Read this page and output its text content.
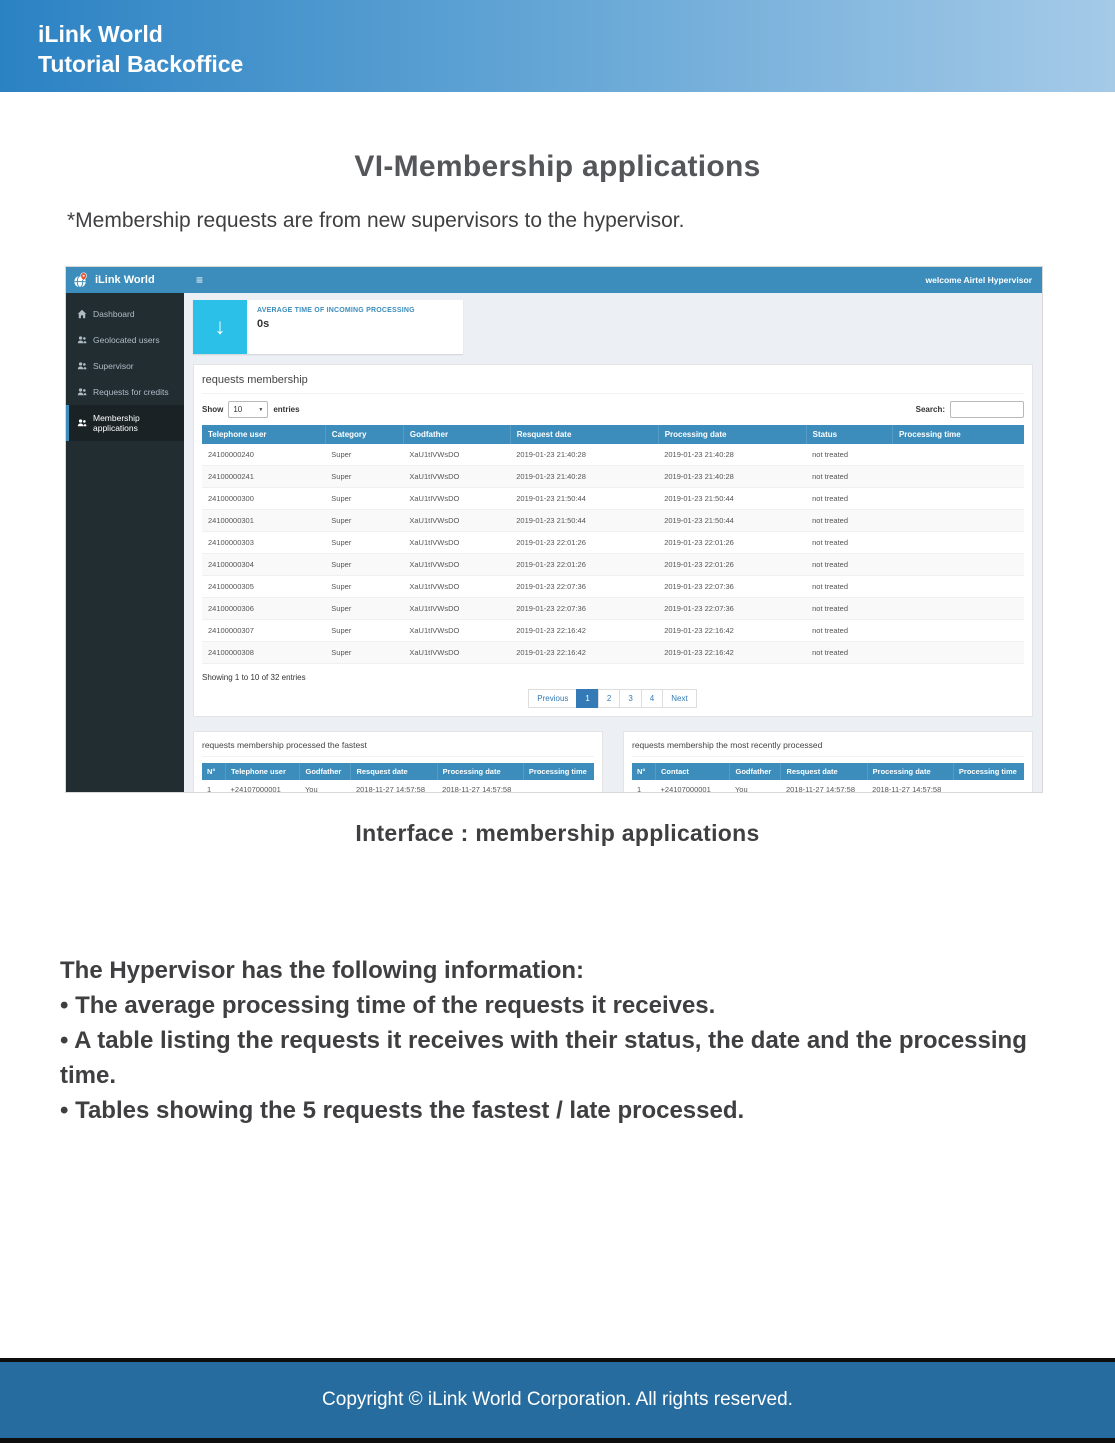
iLink World
Tutorial Backoffice
VI-Membership applications

*Membership requests are from new supervisors to the hypervisor.

iLink World	≡	welcome Airtel Hypervisor
Dashboard
Geolocated users
Supervisor
Requests for credits
Membership applications
↓
AVERAGE TIME OF INCOMING PROCESSING
0s
requests membership
Show 10	▼ entries	Search:
Telephone user	Category	Godfather	Resquest date	Processing date	Status	Processing time
24100000240	Super	XaU1tIVWsDO	2019-01-23 21:40:28	2019-01-23 21:40:28	not treated	
24100000241	Super	XaU1tIVWsDO	2019-01-23 21:40:28	2019-01-23 21:40:28	not treated	
24100000300	Super	XaU1tIVWsDO	2019-01-23 21:50:44	2019-01-23 21:50:44	not treated	
24100000301	Super	XaU1tIVWsDO	2019-01-23 21:50:44	2019-01-23 21:50:44	not treated	
24100000303	Super	XaU1tIVWsDO	2019-01-23 22:01:26	2019-01-23 22:01:26	not treated	
24100000304	Super	XaU1tIVWsDO	2019-01-23 22:01:26	2019-01-23 22:01:26	not treated	
24100000305	Super	XaU1tIVWsDO	2019-01-23 22:07:36	2019-01-23 22:07:36	not treated	
24100000306	Super	XaU1tIVWsDO	2019-01-23 22:07:36	2019-01-23 22:07:36	not treated	
24100000307	Super	XaU1tIVWsDO	2019-01-23 22:16:42	2019-01-23 22:16:42	not treated	
24100000308	Super	XaU1tIVWsDO	2019-01-23 22:16:42	2019-01-23 22:16:42	not treated	
Showing 1 to 10 of 32 entries
Previous	1	2	3	4	Next
requests membership processed the fastest
N°	Telephone user	Godfather	Resquest date	Processing date	Processing time
1	+24107000001	You	2018-11-27 14:57:58	2018-11-27 14:57:58	
requests membership the most recently processed
N°	Contact	Godfather	Resquest date	Processing date	Processing time
1	+24107000001	You	2018-11-27 14:57:58	2018-11-27 14:57:58	
Interface : membership applications
The Hypervisor has the following information:
• The average processing time of the requests it receives.
• A table listing the requests it receives with their status, the date and the processing time.
• Tables showing the 5 requests the fastest / late processed.
Copyright © iLink World Corporation. All rights reserved.
